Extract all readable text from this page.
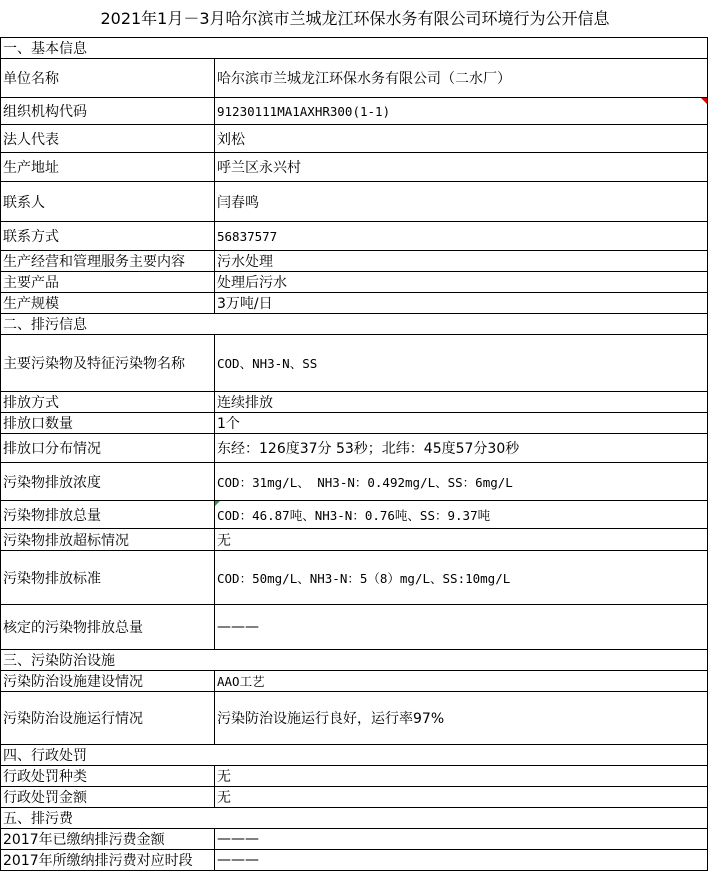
2021年1月－3月哈尔滨市兰城龙江环保水务有限公司环境行为公开信息
一、基本信息	
单位名称	哈尔滨市兰城龙江环保水务有限公司（二水厂）
组织机构代码	91230111MA1AXHR300(1-1)

法人代表	刘松
生产地址	呼兰区永兴村
联系人	闫春鸣
联系方式	56837577
生产经营和管理服务主要内容	污水处理
主要产品	处理后污水
生产规模	3万吨/日
二、排污信息	
主要污染物及特征污染物名称	COD、NH3-N、SS
排放方式	连续排放
排放口数量	1个
排放口分布情况	东经：126度37分 53秒；北纬：45度57分30秒
污染物排放浓度	COD：31mg/L、 NH3-N：0.492mg/L、SS：6mg/L
污染物排放总量	COD：46.87吨、NH3-N：0.76吨、SS：9.37吨
污染物排放超标情况	无
污染物排放标准	COD：50mg/L、NH3-N：5（8）mg/L、SS:10mg/L
核定的污染物排放总量	———
三、污染防治设施	
污染防治设施建设情况	AAO工艺
污染防治设施运行情况	污染防治设施运行良好，运行率97%
四、行政处罚	
行政处罚种类	无
行政处罚金额	无
五、排污费	
2017年已缴纳排污费金额	———
2017年所缴纳排污费对应时段	———
